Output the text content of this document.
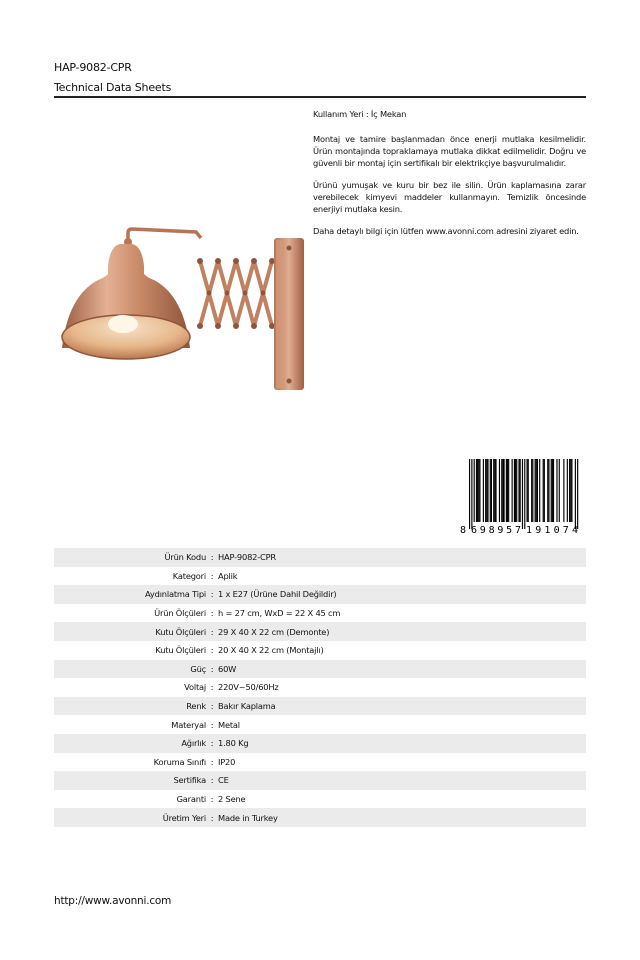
HAP-9082-CPR
Technical Data Sheets

Kullanım Yeri : İç Mekan

Montaj ve tamire başlanmadan önce enerji mutlaka kesilmelidir. Ürün montajında topraklamaya mutlaka dikkat edilmelidir. Doğru ve güvenli bir montaj için sertifikalı bir elektrikçiye başvurulmalıdır.

Ürünü yumuşak ve kuru bir bez ile silin. Ürün kaplamasına zarar verebilecek kimyevi maddeler kullanmayın. Temizlik öncesinde enerjiyi mutlaka kesin.

Daha detaylı bilgi için lütfen www.avonni.com adresini ziyaret edin.

8 698957 191074
Ürün Kodu : HAP-9082-CPR
Kategori : Aplik
Aydınlatma Tipi : 1 x E27 (Ürüne Dahil Değildir)
Ürün Ölçüleri : h = 27 cm, WxD = 22 X 45 cm
Kutu Ölçüleri : 29 X 40 X 22 cm (Demonte)
Kutu Ölçüleri : 20 X 40 X 22 cm (Montajlı)
Güç : 60W
Voltaj : 220V~50/60Hz
Renk : Bakır Kaplama
Materyal : Metal
Ağırlık : 1.80 Kg
Koruma Sınıfı : IP20
Sertifika : CE
Garanti : 2 Sene
Üretim Yeri : Made in Turkey
http://www.avonni.com
